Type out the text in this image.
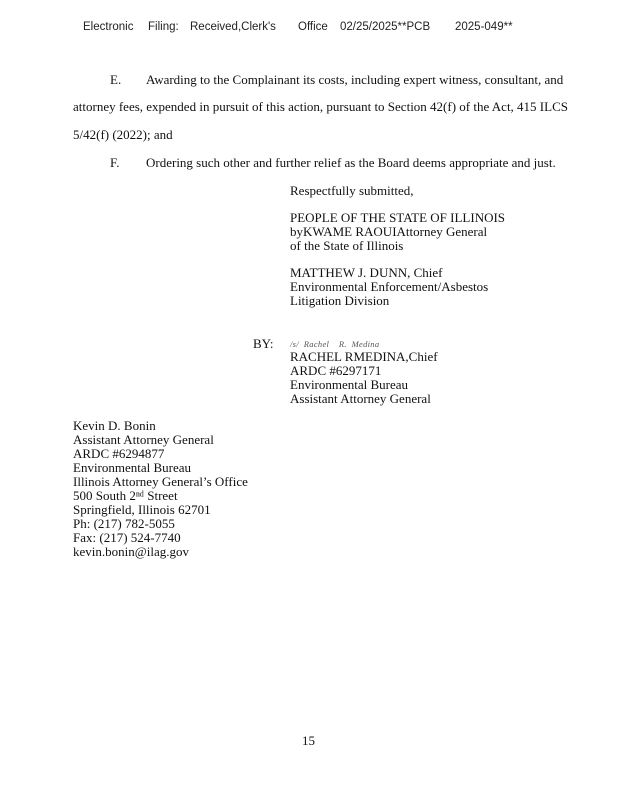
Electronic Filing: Received,Clerk's Office 02/25/2025**PCB 2025-049**
E. Awarding to the Complainant its costs, including expert witness, consultant, and
attorney fees, expended in pursuit of this action, pursuant to Section 42(f) of the Act, 415 ILCS
5/42(f) (2022); and
F. Ordering such other and further relief as the Board deems appropriate and just.
Respectfully submitted,
PEOPLE OF THE STATE OF ILLINOIS
byKWAME RAOUIAttorney General
of the State of Illinois
MATTHEW J. DUNN, Chief
Environmental Enforcement/Asbestos
Litigation Division
BY: /s/  Rachel    R.  Medina
RACHEL RMEDINA,Chief
ARDC #6297171
Environmental Bureau
Assistant Attorney General
Kevin D. Bonin
Assistant Attorney General
ARDC #6294877
Environmental Bureau
Illinois Attorney General’s Office
500 South 2ⁿᵈ Street
Springfield, Illinois 62701
Ph: (217) 782-5055
Fax: (217) 524-7740
kevin.bonin@ilag.gov
15
